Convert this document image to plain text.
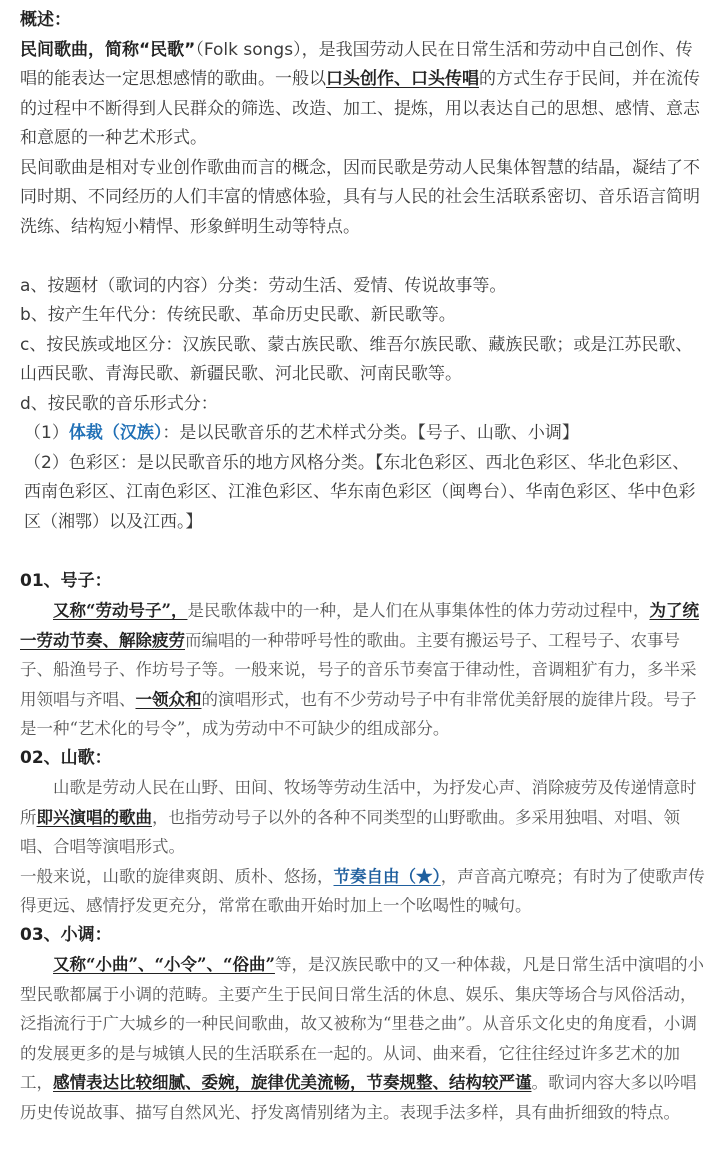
概述：

民间歌曲，简称“民歌”（Folk songs），是我国劳动人民在日常生活和劳动中自己创作、传唱的能表达一定思想感情的歌曲。一般以口头创作、口头传唱的方式生存于民间，并在流传的过程中不断得到人民群众的筛选、改造、加工、提炼，用以表达自己的思想、感情、意志和意愿的一种艺术形式。

民间歌曲是相对专业创作歌曲而言的概念，因而民歌是劳动人民集体智慧的结晶，凝结了不同时期、不同经历的人们丰富的情感体验，具有与人民的社会生活联系密切、音乐语言简明洗练、结构短小精悍、形象鲜明生动等特点。

a、按题材（歌词的内容）分类：劳动生活、爱情、传说故事等。

b、按产生年代分：传统民歌、革命历史民歌、新民歌等。

c、按民族或地区分：汉族民歌、蒙古族民歌、维吾尔族民歌、藏族民歌；或是江苏民歌、山西民歌、青海民歌、新疆民歌、河北民歌、河南民歌等。

d、按民歌的音乐形式分：

（1）体裁（汉族）：是以民歌音乐的艺术样式分类。【号子、山歌、小调】

（2）色彩区：是以民歌音乐的地方风格分类。【东北色彩区、西北色彩区、华北色彩区、西南色彩区、江南色彩区、江淮色彩区、华东南色彩区（闽粤台）、华南色彩区、华中色彩区（湘鄂）以及江西。】

01、号子：

又称“劳动号子”，是民歌体裁中的一种，是人们在从事集体性的体力劳动过程中，为了统一劳动节奏、解除疲劳而编唱的一种带呼号性的歌曲。主要有搬运号子、工程号子、农事号子、船渔号子、作坊号子等。一般来说，号子的音乐节奏富于律动性，音调粗犷有力，多半采用领唱与齐唱、一领众和的演唱形式，也有不少劳动号子中有非常优美舒展的旋律片段。号子是一种“艺术化的号令”，成为劳动中不可缺少的组成部分。

02、山歌：

山歌是劳动人民在山野、田间、牧场等劳动生活中，为抒发心声、消除疲劳及传递情意时所即兴演唱的歌曲，也指劳动号子以外的各种不同类型的山野歌曲。多采用独唱、对唱、领唱、合唱等演唱形式。

一般来说，山歌的旋律爽朗、质朴、悠扬，节奏自由（★），声音高亢嘹亮；有时为了使歌声传得更远、感情抒发更充分，常常在歌曲开始时加上一个吆喝性的喊句。

03、小调：

又称“小曲”、“小令”、“俗曲”等，是汉族民歌中的又一种体裁，凡是日常生活中演唱的小型民歌都属于小调的范畴。主要产生于民间日常生活的休息、娱乐、集庆等场合与风俗活动，泛指流行于广大城乡的一种民间歌曲，故又被称为“里巷之曲”。从音乐文化史的角度看，小调的发展更多的是与城镇人民的生活联系在一起的。从词、曲来看，它往往经过许多艺术的加工，感情表达比较细腻、委婉，旋律优美流畅，节奏规整、结构较严谨。歌词内容大多以吟唱历史传说故事、描写自然风光、抒发离情别绪为主。表现手法多样，具有曲折细致的特点。
